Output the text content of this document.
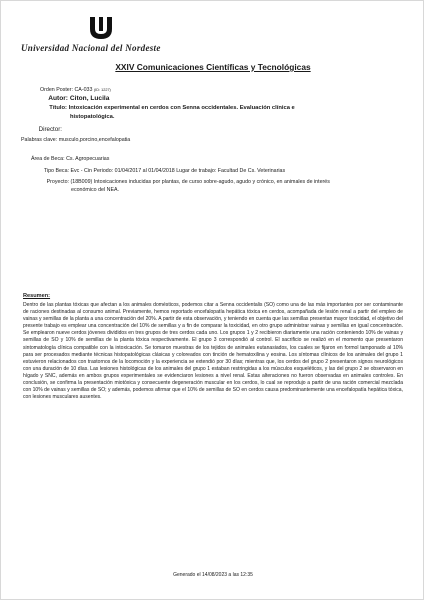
Universidad Nacional del Nordeste
XXIV Comunicaciones Científicas y Tecnológicas
Orden Poster: CA-033 (ID: 1227)
Autor: Citon, Lucila
Título: Intoxicación experimental en cerdos con Senna occidentales. Evaluación clínica e
histopatológica.
Director:
Palabras clave: musculo,porcino,encefalopatia
Área de Beca: Cs. Agropecuarias
Tipo Beca: Evc - Cin Periodo: 01/04/2017 al 01/04/2018 Lugar de trabajo: Facultad De Cs. Veterinarias
Proyecto: (18B009) Intoxicaciones inducidas por plantas, de curso sobre-agudo, agudo y crónico, en animales de interés
económico del NEA.
Resumen:
Dentro de las plantas tóxicas que afectan a los animales domésticos, podemos citar a Senna occidentalis (SO) como una de las más importantes por ser contaminante de raciones destinadas al consumo animal. Previamente, hemos reportado encefalopatía hepática tóxica en cerdos, acompañada de lesión renal a partir del empleo de vainas y semillas de la planta a una concentración del 20%. A partir de esta observación, y teniendo en cuenta que las semillas presentan mayor toxicidad, el objetivo del presente trabajo es emplear una concentración del 10% de semillas y a fin de comparar la toxicidad, en otro grupo administrar vainas y semillas en igual concentración. Se emplearon nueve cerdos jóvenes divididos en tres grupos de tres cerdos cada uno. Los grupos 1 y 2 recibieron diariamente una ración conteniendo 10% de vainas y semillas de SO y 10% de semillas de la planta tóxica respectivamente. El grupo 3 correspondió al control. El sacrificio se realizó en el momento que presentaron sintomatología clínica compatible con la intoxicación. Se tomaron muestras de los tejidos de animales eutanasiados, los cuales se fijaron en formol tamponado al 10% para ser procesados mediante técnicas histopatológicas clásicas y coloreados con tinción de hematoxilina y eosina. Los síntomas clínicos de los animales del grupo 1 estuvieron relacionados con trastornos de la locomoción y la experiencia se extendió por 30 días; mientras que, los cerdos del grupo 2 presentaron signos neurológicos con una duración de 10 días. Las lesiones histológicas de los animales del grupo 1 estaban restringidas a los músculos esqueléticos, y las del grupo 2 se observaron en hígado y SNC, además en ambos grupos experimentales se evidenciaron lesiones a nivel renal. Estas alteraciones no fueron observadas en animales controles. En conclusión, se confirma la presentación miotóxica y consecuente degeneración muscular en los cerdos, lo cual se reprodujo a partir de una ración comercial mezclada con 10% de vainas y semillas de SO; y además, podemos afirmar que el 10% de semillas de SO en cerdos causa predominantemente una encefalopatía hepática tóxica, con lesiones musculares ausentes.
Generado el 14/08/2023 a las 12:35
